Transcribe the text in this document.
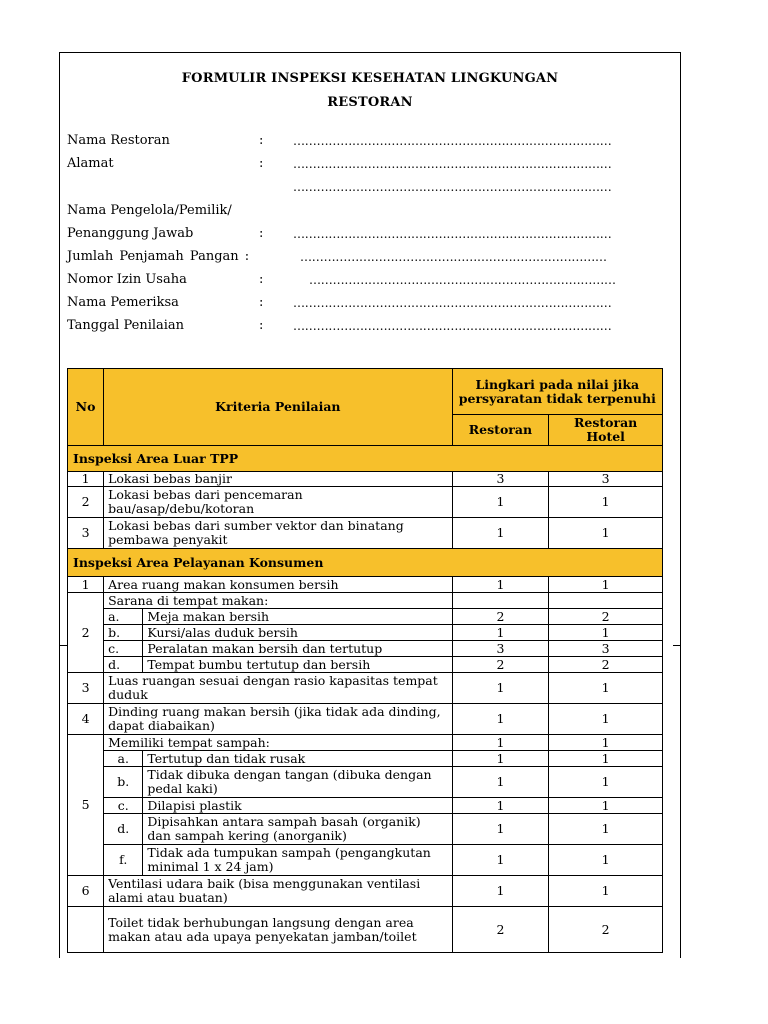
FORMULIR INSPEKSI KESEHATAN LINGKUNGAN
RESTORAN
Nama Restoran	: ………………………………………………………………………
Alamat	: ………………………………………………………………………
………………………………………………………………………
Nama Pengelola/Pemilik/
Penanggung Jawab	: ………………………………………………………………………
Jumlah Penjamah Pangan :	……………………………………………………………………
Nomor Izin Usaha	:	……………………………………………………………………
Nama Pemeriksa	: ………………………………………………………………………
Tanggal Penilaian	: ………………………………………………………………………
No	Kriteria Penilaian		Lingkari pada nilai jika persyaratan tidak terpenuhi	
			Restoran	Restoran Hotel
Inspeksi Area Luar TPP				
1	Lokasi bebas banjir		3	3
2	Lokasi bebas dari pencemaran bau/asap/debu/kotoran		1	1
3	Lokasi bebas dari sumber vektor dan binatang pembawa penyakit		1	1
Inspeksi Area Pelayanan Konsumen				
1	Area ruang makan konsumen bersih		1	1
2	Sarana di tempat makan:			
	a.	Meja makan bersih	2	2
	b.	Kursi/alas duduk bersih	1	1
	c.	Peralatan makan bersih dan tertutup	3	3
	d.	Tempat bumbu tertutup dan bersih	2	2
3	Luas ruangan sesuai dengan rasio kapasitas tempat duduk		1	1
4	Dinding ruang makan bersih (jika tidak ada dinding, dapat diabaikan)		1	1
5	Memiliki tempat sampah:		1	1
	a.	Tertutup dan tidak rusak	1	1
	b.	Tidak dibuka dengan tangan (dibuka dengan pedal kaki)	1	1
	c.	Dilapisi plastik	1	1
	d.	Dipisahkan antara sampah basah (organik) dan sampah kering (anorganik)	1	1
	f.	Tidak ada tumpukan sampah (pengangkutan minimal 1 x 24 jam)	1	1
6	Ventilasi udara baik (bisa menggunakan ventilasi alami atau buatan)		1	1
	Toilet tidak berhubungan langsung dengan area makan atau ada upaya penyekatan jamban/toilet		2	2
